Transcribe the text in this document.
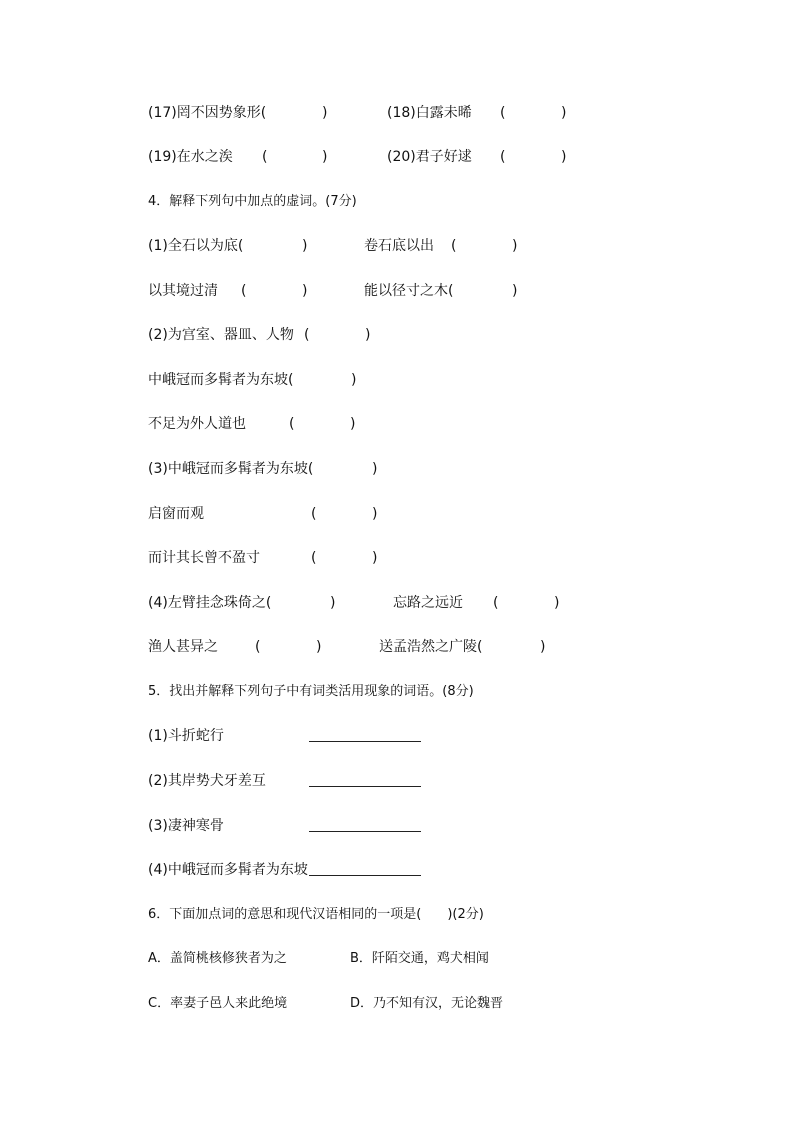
(17)罔不因势象形(	)	(18)白露未晞 (	)
(19)在水之涘 (	)	(20)君子好逑 (	)
4．解释下列句中加点的虚词。(7分)
(1)全石以为底(	)	卷石底以出 (	)
以其境过清 (	)	能以径寸之木(	)
(2)为宫室、器皿、人物 (	)
中峨冠而多髯者为东坡(	)
不足为外人道也	(	)
(3)中峨冠而多髯者为东坡(	)
启窗而观	(	)
而计其长曾不盈寸	(	)
(4)左臂挂念珠倚之(	)	忘路之远近 (	)
渔人甚异之	(	)	送孟浩然之广陵(	)
5．找出并解释下列句子中有词类活用现象的词语。(8分)
(1)斗折蛇行
(2)其岸势犬牙差互
(3)凄神寒骨
(4)中峨冠而多髯者为东坡
6．下面加点词的意思和现代汉语相同的一项是(　　)(2分)
A．盖简桃核修狭者为之	B．阡陌交通，鸡犬相闻
C．率妻子邑人来此绝境	D．乃不知有汉，无论魏晋
